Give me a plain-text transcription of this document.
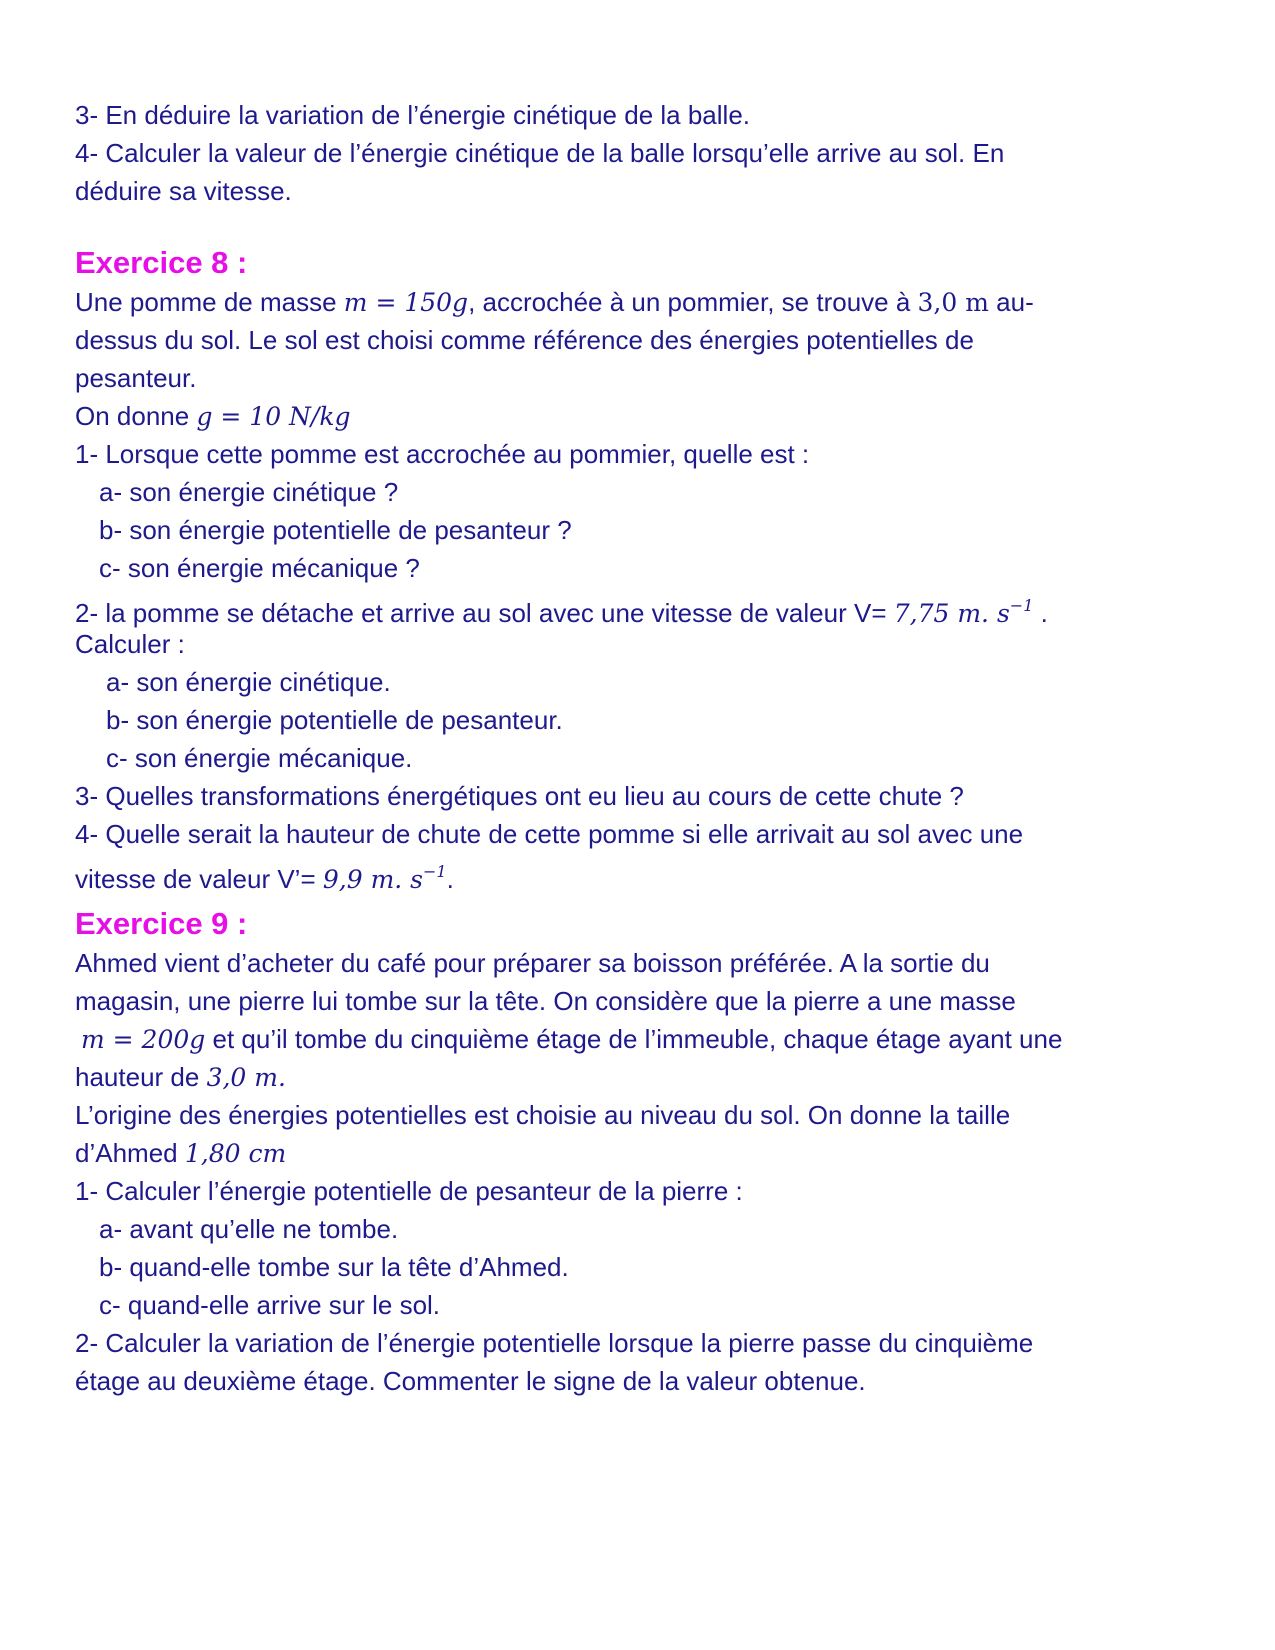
3- En déduire la variation de l’énergie cinétique de la balle.
4- Calculer la valeur de l’énergie cinétique de la balle lorsqu’elle arrive au sol. En
déduire sa vitesse.
Exercice 8 :
Une pomme de masse m = 150g, accrochée à un pommier, se trouve à 3,0 m au-
dessus du sol. Le sol est choisi comme référence des énergies potentielles de
pesanteur.
On donne g = 10 N/kg
1- Lorsque cette pomme est accrochée au pommier, quelle est :
a- son énergie cinétique ?
b- son énergie potentielle de pesanteur ?
c- son énergie mécanique ?
2- la pomme se détache et arrive au sol avec une vitesse de valeur V= 7,75 m. $s^{-1}$ .
Calculer :
a- son énergie cinétique.
b- son énergie potentielle de pesanteur.
c- son énergie mécanique.
3- Quelles transformations énergétiques ont eu lieu au cours de cette chute ?
4- Quelle serait la hauteur de chute de cette pomme si elle arrivait au sol avec une
vitesse de valeur V’= 9,9 m. $s^{-1}$.
Exercice 9 :
Ahmed vient d’acheter du café pour préparer sa boisson préférée. A la sortie du
magasin, une pierre lui tombe sur la tête. On considère que la pierre a une masse
m = 200g et qu’il tombe du cinquième étage de l’immeuble, chaque étage ayant une
hauteur de 3,0 m.
L’origine des énergies potentielles est choisie au niveau du sol. On donne la taille
d’Ahmed 1,80 cm
1- Calculer l’énergie potentielle de pesanteur de la pierre :
a- avant qu’elle ne tombe.
b- quand-elle tombe sur la tête d’Ahmed.
c- quand-elle arrive sur le sol.
2- Calculer la variation de l’énergie potentielle lorsque la pierre passe du cinquième
étage au deuxième étage. Commenter le signe de la valeur obtenue.
